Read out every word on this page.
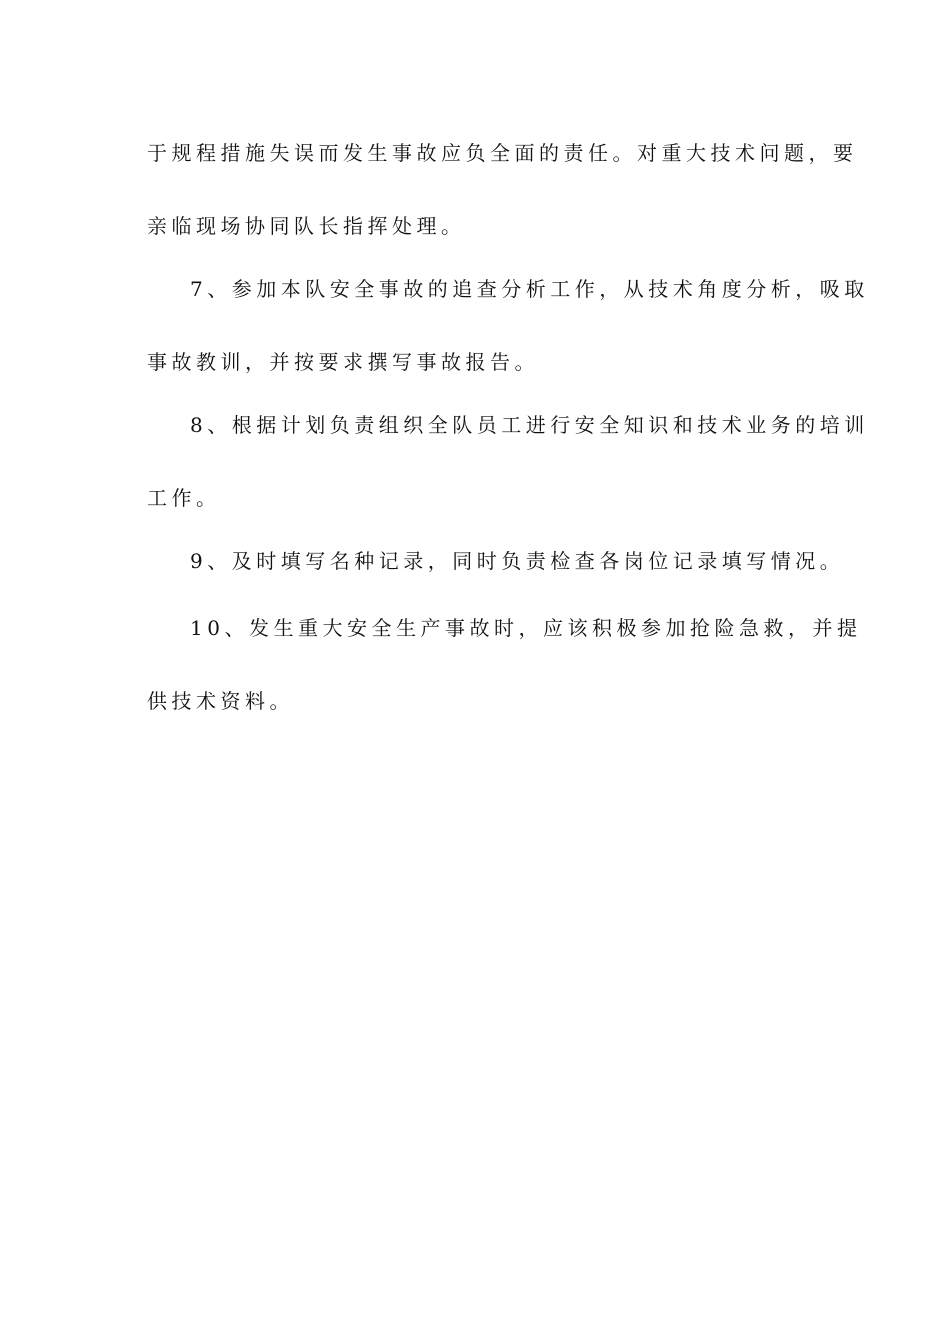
于规程措施失误而发生事故应负全面的责任。对重大技术问题，要
亲临现场协同队长指挥处理。
7、参加本队安全事故的追查分析工作，从技术角度分析，吸取
事故教训，并按要求撰写事故报告。
8、根据计划负责组织全队员工进行安全知识和技术业务的培训
工作。
9、及时填写名种记录，同时负责检查各岗位记录填写情况。
10、发生重大安全生产事故时，应该积极参加抢险急救，并提
供技术资料。
